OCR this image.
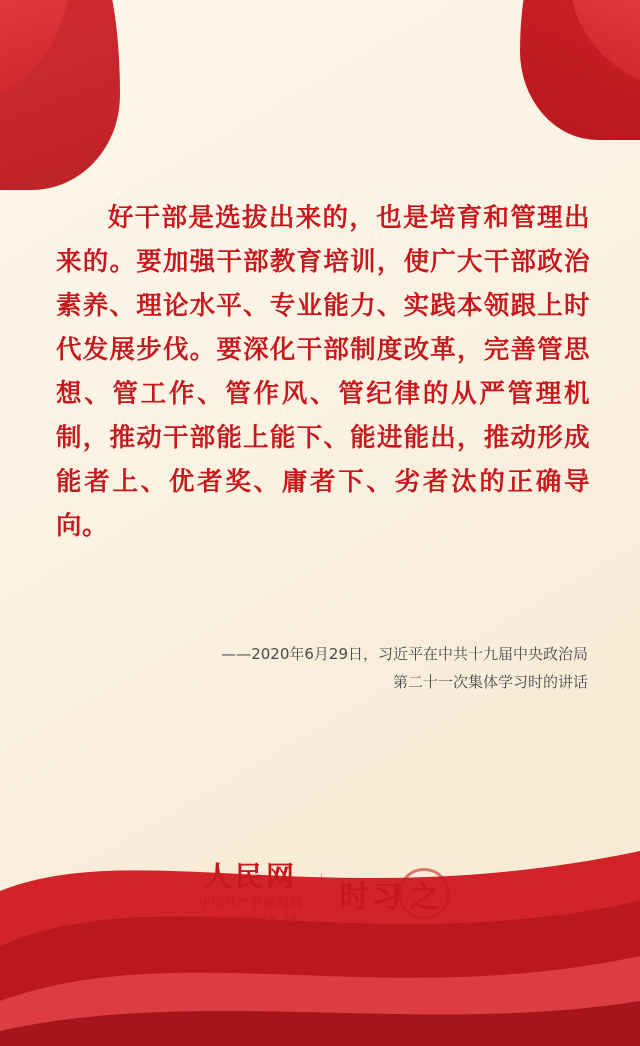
好干部是选拔出来的，也是培育和管理出来的。要加强干部教育培训，使广大干部政治素养、理论水平、专业能力、实践本领跟上时代发展步伐。要深化干部制度改革，完善管思想、管工作、管作风、管纪律的从严管理机制，推动干部能上能下、能进能出，推动形成能者上、优者奖、庸者下、劣者汰的正确导向。
——2020年6月29日，习近平在中共十九届中央政治局
第二十一次集体学习时的讲话
人民网
中国共产党新闻网
cpc.people.cn
时习 之
